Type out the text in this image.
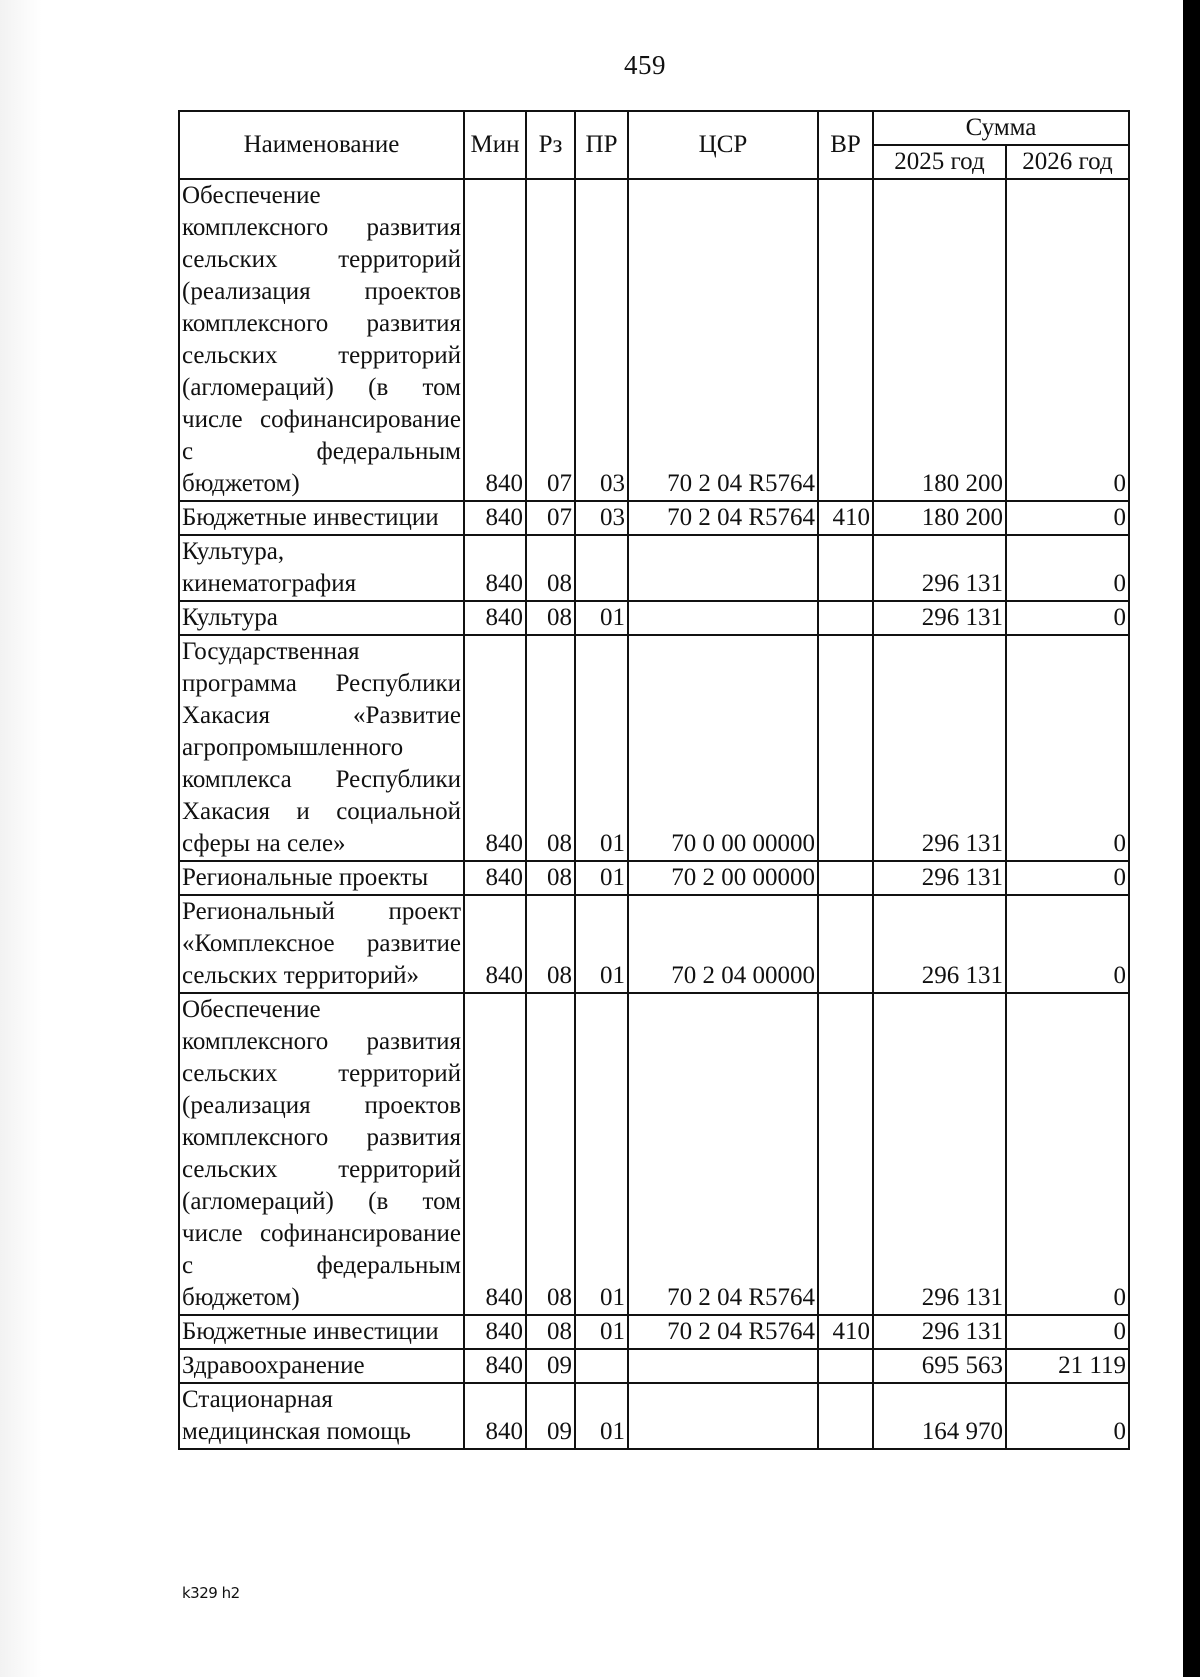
459
Наименование	Мин	Рз	ПР	ЦСР	ВР	Сумма	
						2025 год	2026 год
Обеспечение комплексного развития сельских территорий (реализация проектов комплексного развития сельских территорий (агломераций) (в том числе софинансирование с федеральным бюджетом)	840	07	03	70 2 04 R5764		180 200	0
Бюджетные инвестиции	840	07	03	70 2 04 R5764	410	180 200	0
Культура, кинематография	840	08				296 131	0
Культура	840	08	01			296 131	0
Государственная программа Республики Хакасия «Развитие агропромышленного комплекса Республики Хакасия и социальной сферы на селе»	840	08	01	70 0 00 00000		296 131	0
Региональные проекты	840	08	01	70 2 00 00000		296 131	0
Региональный проект «Комплексное развитие сельских территорий»	840	08	01	70 2 04 00000		296 131	0
Обеспечение комплексного развития сельских территорий (реализация проектов комплексного развития сельских территорий (агломераций) (в том числе софинансирование с федеральным бюджетом)	840	08	01	70 2 04 R5764		296 131	0
Бюджетные инвестиции	840	08	01	70 2 04 R5764	410	296 131	0
Здравоохранение	840	09				695 563	21 119
Стационарная медицинская помощь	840	09	01			164 970	0
k329 h2
